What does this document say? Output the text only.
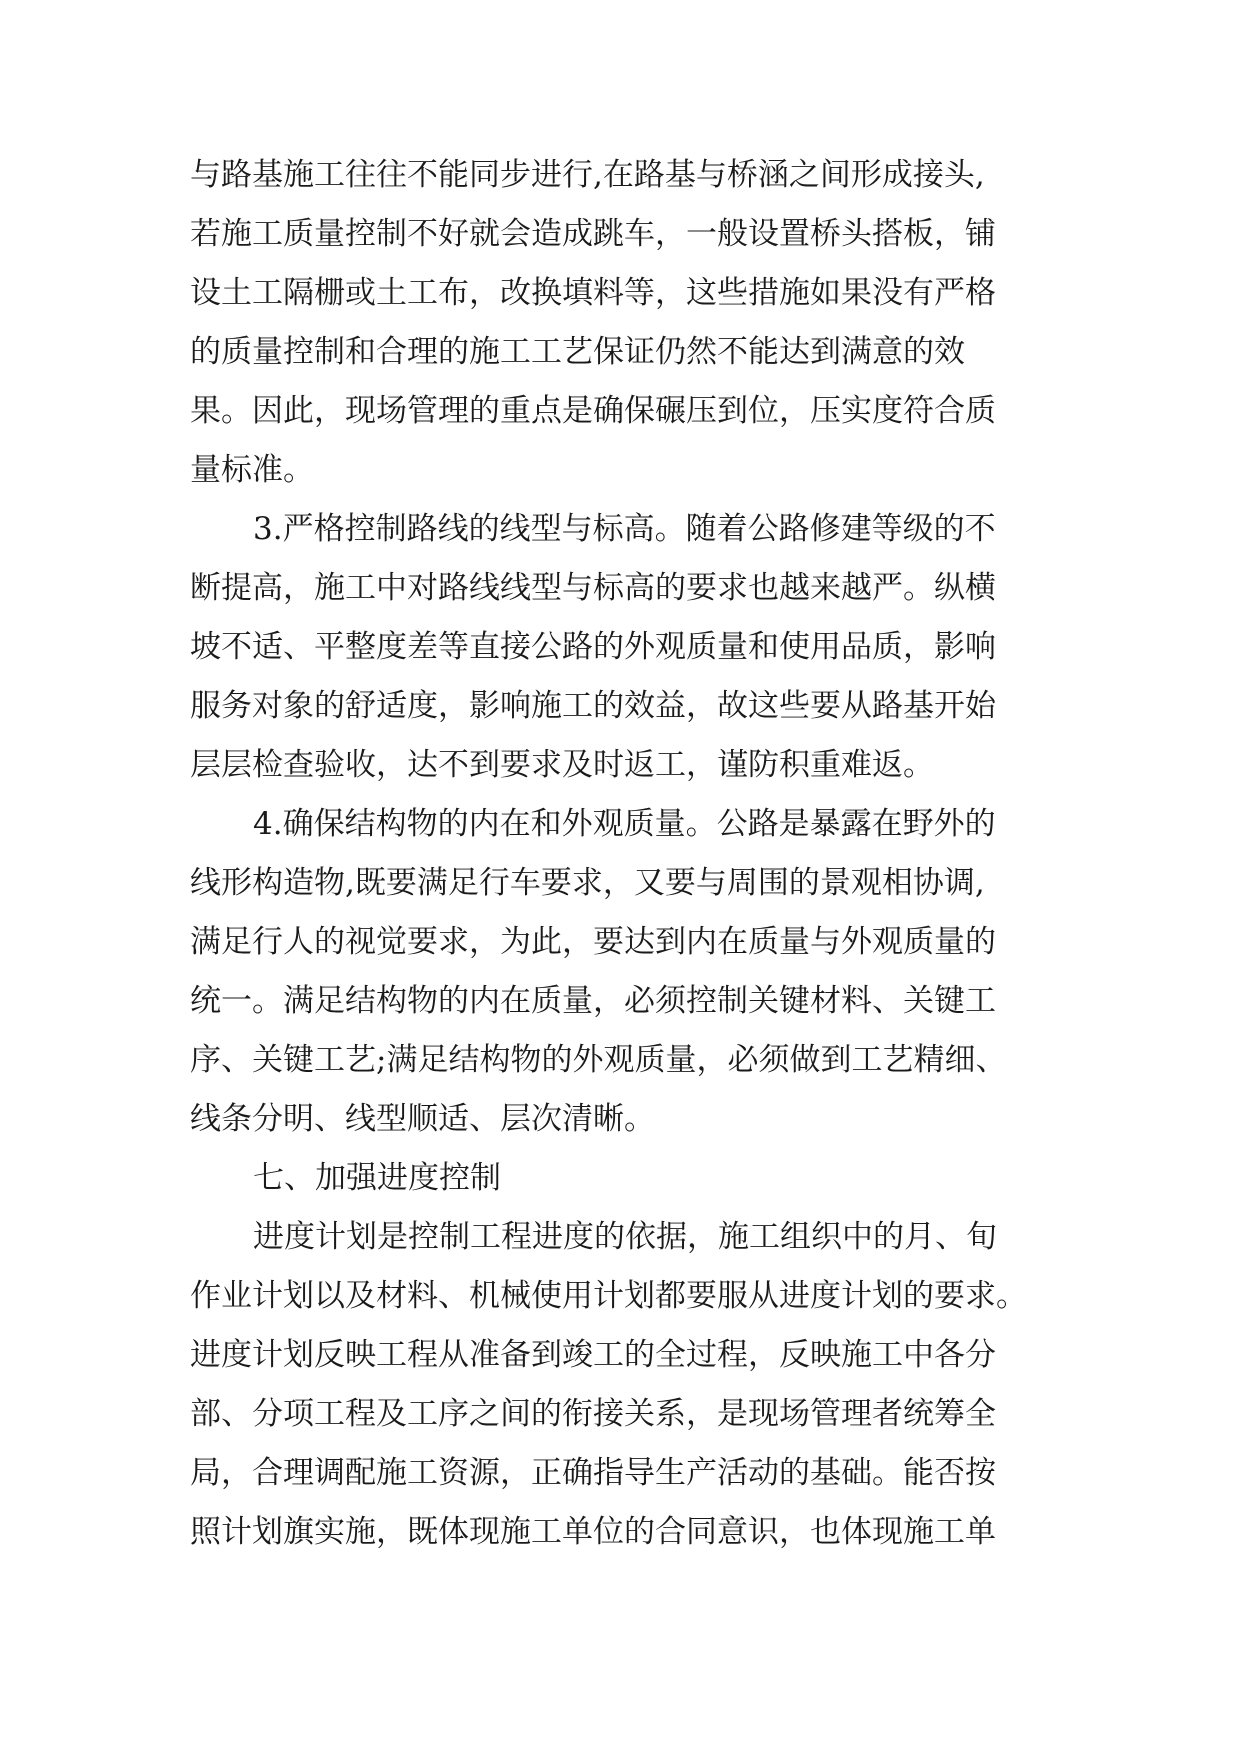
与路基施工往往不能同步进行,在路基与桥涵之间形成接头,
若施工质量控制不好就会造成跳车，一般设置桥头搭板，铺
设土工隔栅或土工布，改换填料等，这些措施如果没有严格
的质量控制和合理的施工工艺保证仍然不能达到满意的效
果。因此，现场管理的重点是确保碾压到位，压实度符合质
量标准。
3.严格控制路线的线型与标高。随着公路修建等级的不
断提高，施工中对路线线型与标高的要求也越来越严。纵横
坡不适、平整度差等直接公路的外观质量和使用品质，影响
服务对象的舒适度，影响施工的效益，故这些要从路基开始
层层检查验收，达不到要求及时返工，谨防积重难返。
4.确保结构物的内在和外观质量。公路是暴露在野外的
线形构造物,既要满足行车要求，又要与周围的景观相协调,
满足行人的视觉要求，为此，要达到内在质量与外观质量的
统一。满足结构物的内在质量，必须控制关键材料、关键工
序、关键工艺;满足结构物的外观质量，必须做到工艺精细、
线条分明、线型顺适、层次清晰。
七、加强进度控制
进度计划是控制工程进度的依据，施工组织中的月、旬
作业计划以及材料、机械使用计划都要服从进度计划的要求。
进度计划反映工程从准备到竣工的全过程，反映施工中各分
部、分项工程及工序之间的衔接关系，是现场管理者统筹全
局，合理调配施工资源，正确指导生产活动的基础。能否按
照计划旗实施，既体现施工单位的合同意识，也体现施工单
